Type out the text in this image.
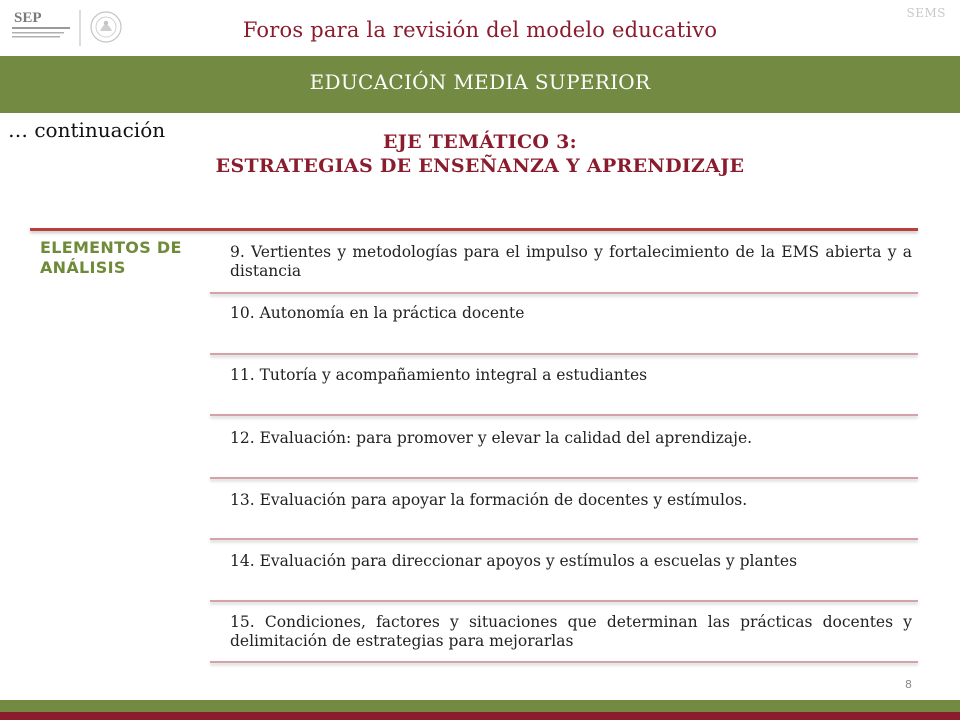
SEP	Foros para la revisión del modelo educativo
SEMS
EDUCACIÓN MEDIA SUPERIOR
… continuación	EJE TEMÁTICO 3:
ESTRATEGIAS DE ENSEÑANZA Y APRENDIZAJE
ELEMENTOS DE ANÁLISIS
9. Vertientes y metodologías para el impulso y fortalecimiento de la EMS abierta y a distancia
10. Autonomía en la práctica docente
11. Tutoría y acompañamiento integral a estudiantes
12. Evaluación: para promover y elevar la calidad del aprendizaje.
13. Evaluación para apoyar la formación de docentes y estímulos.
14. Evaluación para direccionar apoyos y estímulos a escuelas y plantes
15. Condiciones, factores y situaciones que determinan las prácticas docentes y delimitación de estrategias para mejorarlas
8
